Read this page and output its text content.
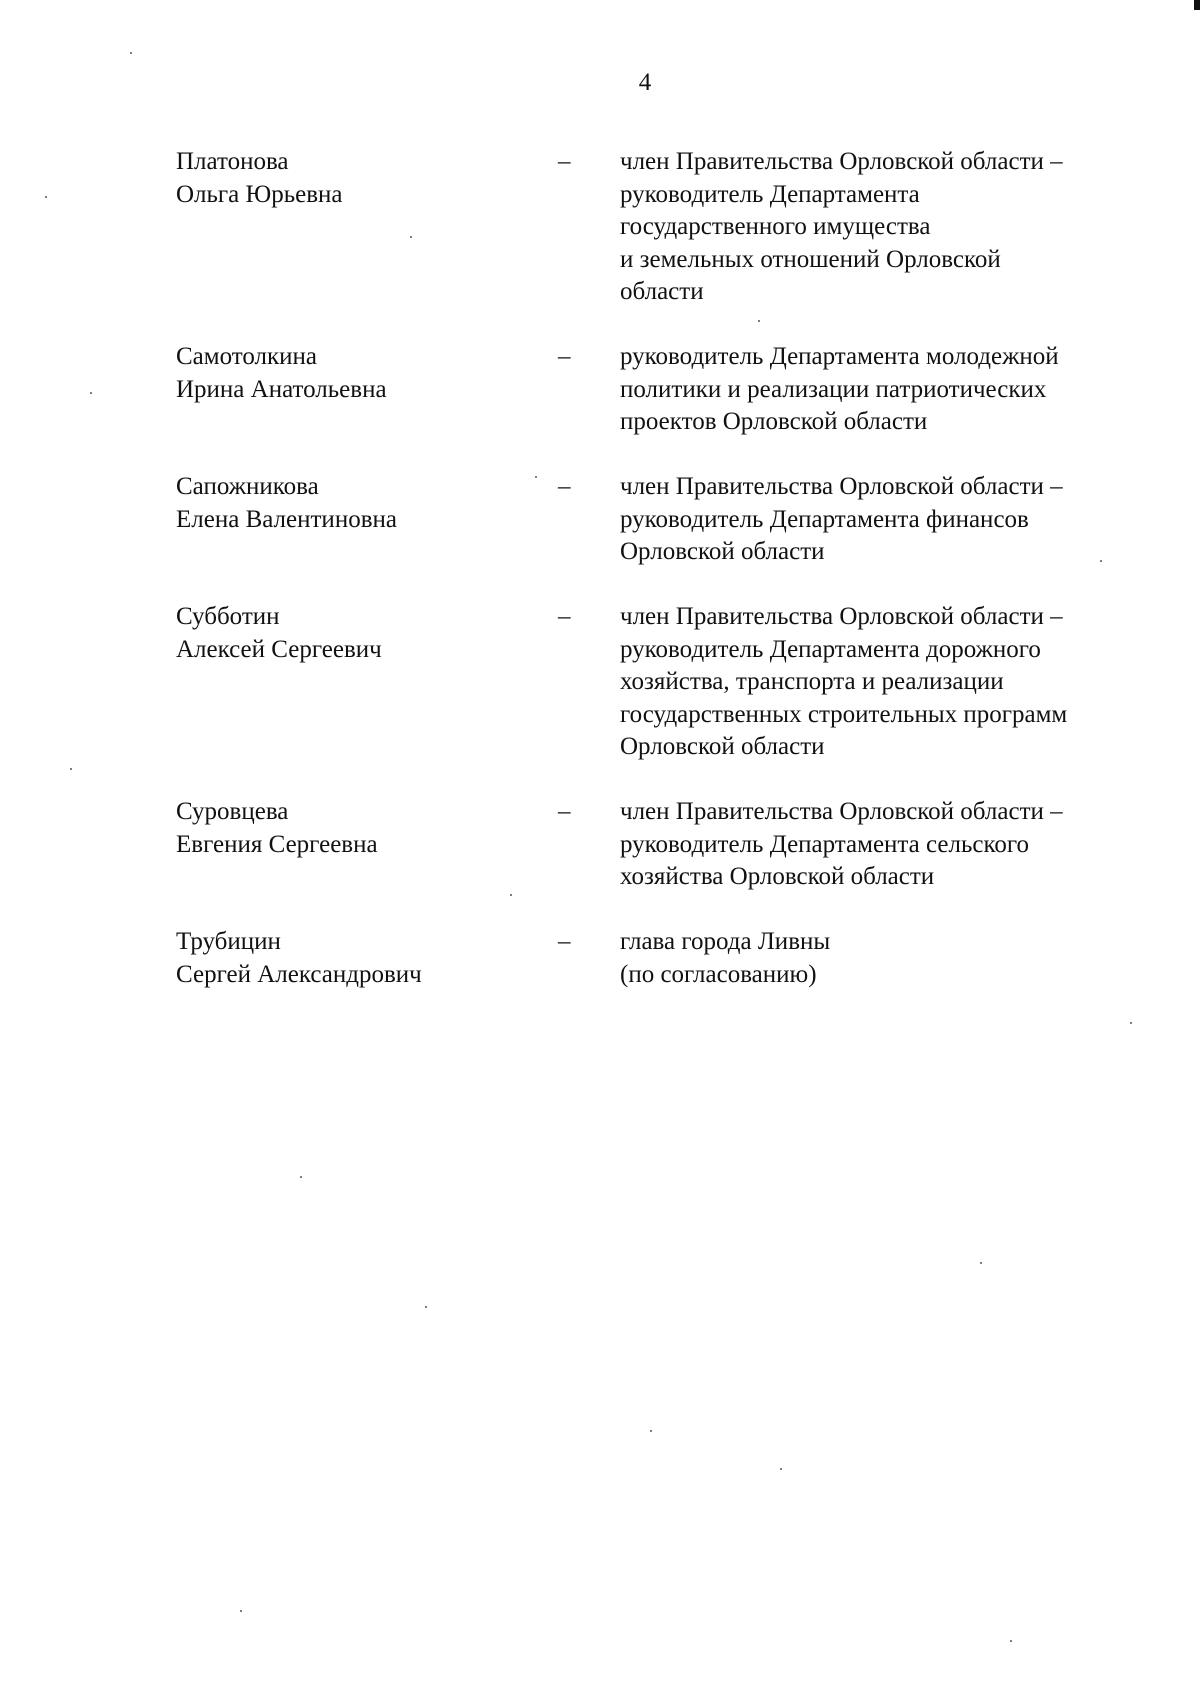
4
Платонова
Ольга Юрьевна
– член Правительства Орловской области –
руководитель Департамента
государственного имущества
и земельных отношений Орловской
области
Самотолкина
Ирина Анатольевна
– руководитель Департамента молодежной
политики и реализации патриотических
проектов Орловской области
Сапожникова
Елена Валентиновна
– член Правительства Орловской области –
руководитель Департамента финансов
Орловской области
Субботин
Алексей Сергеевич
– член Правительства Орловской области –
руководитель Департамента дорожного
хозяйства, транспорта и реализации
государственных строительных программ
Орловской области
Суровцева
Евгения Сергеевна
– член Правительства Орловской области –
руководитель Департамента сельского
хозяйства Орловской области
Трубицин
Сергей Александрович
– глава города Ливны
(по согласованию)
